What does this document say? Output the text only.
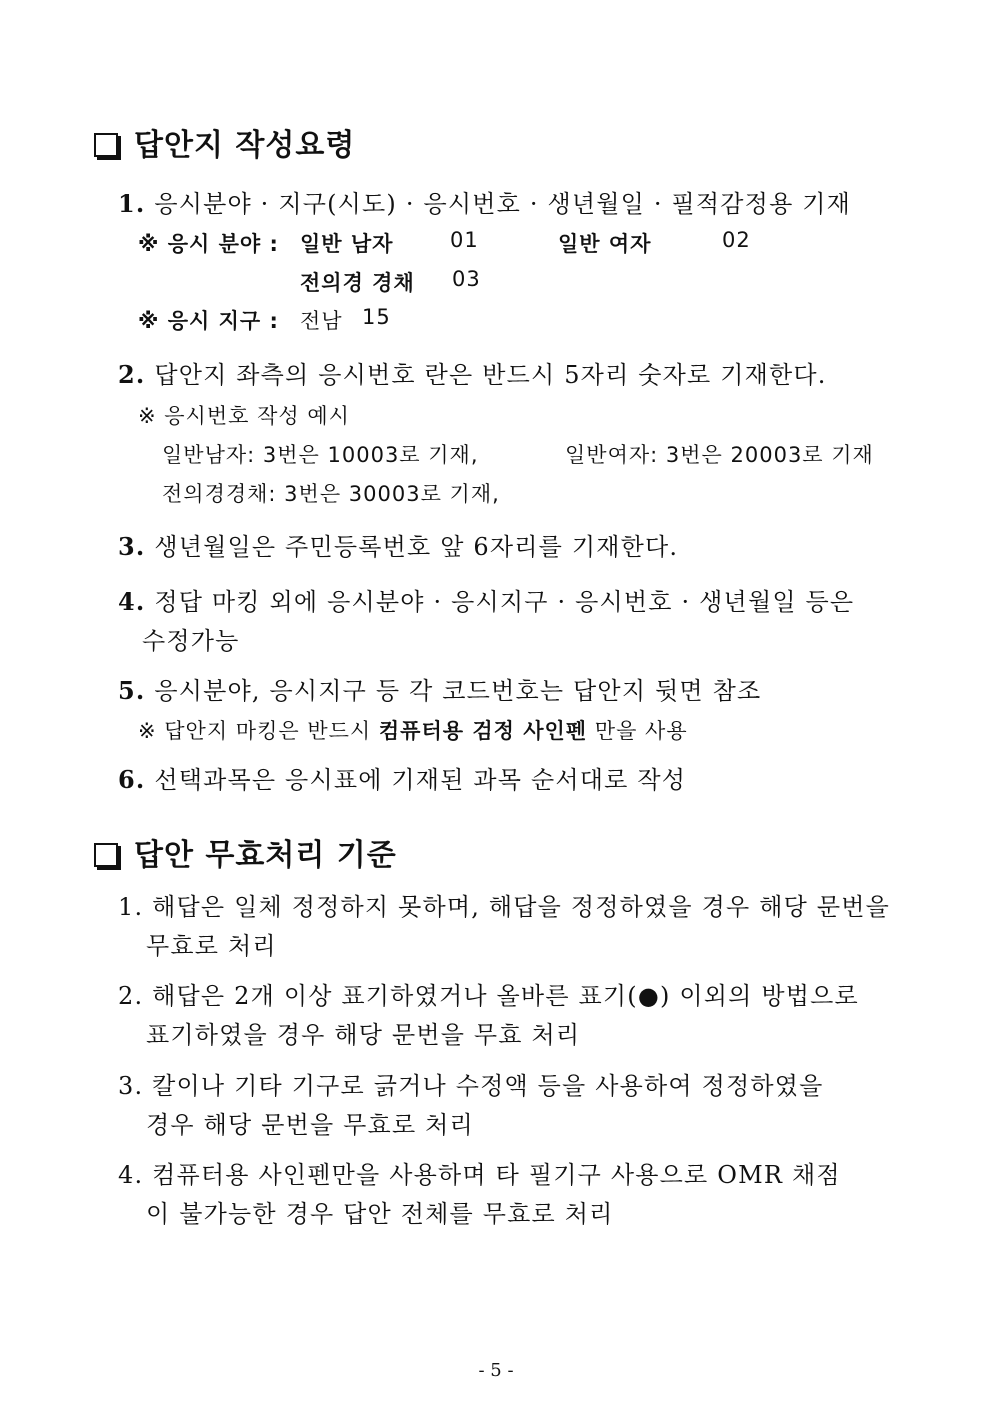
답안지 작성요령
1. 응시분야 · 지구(시도) · 응시번호 · 생년월일 · 필적감정용 기재
※ 응시 분야 : 일반 남자	01	일반 여자	02
전의경 경채 03
※ 응시 지구 : 전남 15
2. 답안지 좌측의 응시번호 란은 반드시 5자리 숫자로 기재한다.
※ 응시번호 작성 예시
일반남자: 3번은 10003로 기재,	일반여자: 3번은 20003로 기재
전의경경채: 3번은 30003로 기재,
3. 생년월일은 주민등록번호 앞 6자리를 기재한다.
4. 정답 마킹 외에 응시분야 · 응시지구 · 응시번호 · 생년월일 등은
수정가능
5. 응시분야, 응시지구 등 각 코드번호는 답안지 뒷면 참조
※ 답안지 마킹은 반드시 컴퓨터용 검정 사인펜 만을 사용
6. 선택과목은 응시표에 기재된 과목 순서대로 작성
답안 무효처리 기준
1. 해답은 일체 정정하지 못하며, 해답을 정정하였을 경우 해당 문번을
무효로 처리
2. 해답은 2개 이상 표기하였거나 올바른 표기(●) 이외의 방법으로
표기하였을 경우 해당 문번을 무효 처리
3. 칼이나 기타 기구로 긁거나 수정액 등을 사용하여 정정하였을
경우 해당 문번을 무효로 처리
4. 컴퓨터용 사인펜만을 사용하며 타 필기구 사용으로 OMR 채점
이 불가능한 경우 답안 전체를 무효로 처리
- 5 -
